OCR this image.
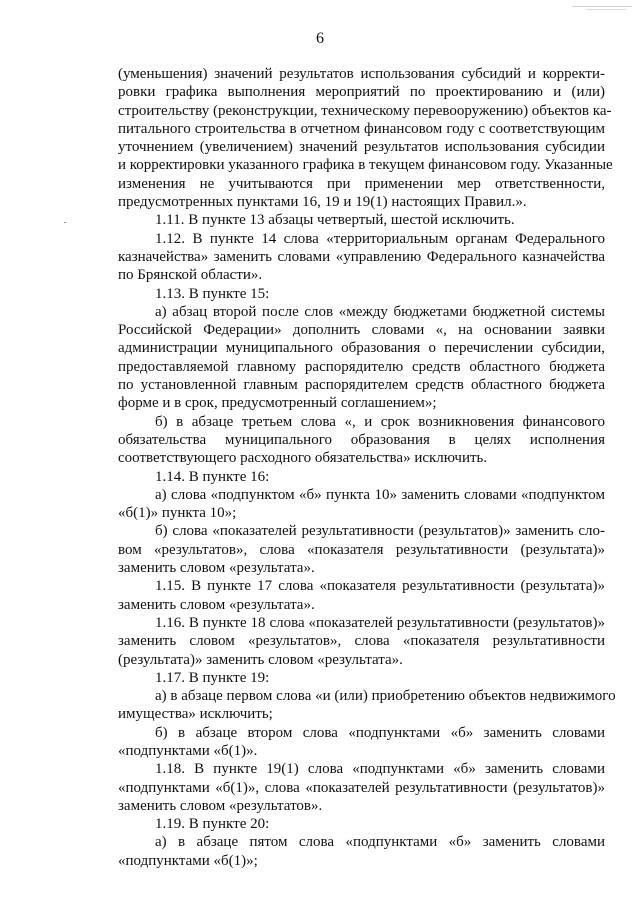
6
(уменьшения) значений результатов использования субсидий и корректи-
ровки графика выполнения мероприятий по проектированию и (или)
строительству (реконструкции, техническому перевооружению) объектов ка-
питального строительства в отчетном финансовом году с соответствующим
уточнением (увеличением) значений результатов использования субсидии
и корректировки указанного графика в текущем финансовом году. Указанные
изменения не учитываются при применении мер ответственности,
предусмотренных пунктами 16, 19 и 19(1) настоящих Правил.».
1.11. В пункте 13 абзацы четвертый, шестой исключить.
1.12. В пункте 14 слова «территориальным органам Федерального
казначейства» заменить словами «управлению Федерального казначейства
по Брянской области».
1.13. В пункте 15:
а) абзац второй после слов «между бюджетами бюджетной системы
Российской Федерации» дополнить словами «, на основании заявки
администрации муниципального образования о перечислении субсидии,
предоставляемой главному распорядителю средств областного бюджета
по установленной главным распорядителем средств областного бюджета
форме и в срок, предусмотренный соглашением»;
б) в абзаце третьем слова «, и срок возникновения финансового
обязательства муниципального образования в целях исполнения
соответствующего расходного обязательства» исключить.
1.14. В пункте 16:
а) слова «подпунктом «б» пункта 10» заменить словами «подпунктом
«б(1)» пункта 10»;
б) слова «показателей результативности (результатов)» заменить сло-
вом «результатов», слова «показателя результативности (результата)»
заменить словом «результата».
1.15. В пункте 17 слова «показателя результативности (результата)»
заменить словом «результата».
1.16. В пункте 18 слова «показателей результативности (результатов)»
заменить словом «результатов», слова «показателя результативности
(результата)» заменить словом «результата».
1.17. В пункте 19:
а) в абзаце первом слова «и (или) приобретению объектов недвижимого
имущества» исключить;
б) в абзаце втором слова «подпунктами «б» заменить словами
«подпунктами «б(1)».
1.18. В пункте 19(1) слова «подпунктами «б» заменить словами
«подпунктами «б(1)», слова «показателей результативности (результатов)»
заменить словом «результатов».
1.19. В пункте 20:
а) в абзаце пятом слова «подпунктами «б» заменить словами
«подпунктами «б(1)»;
